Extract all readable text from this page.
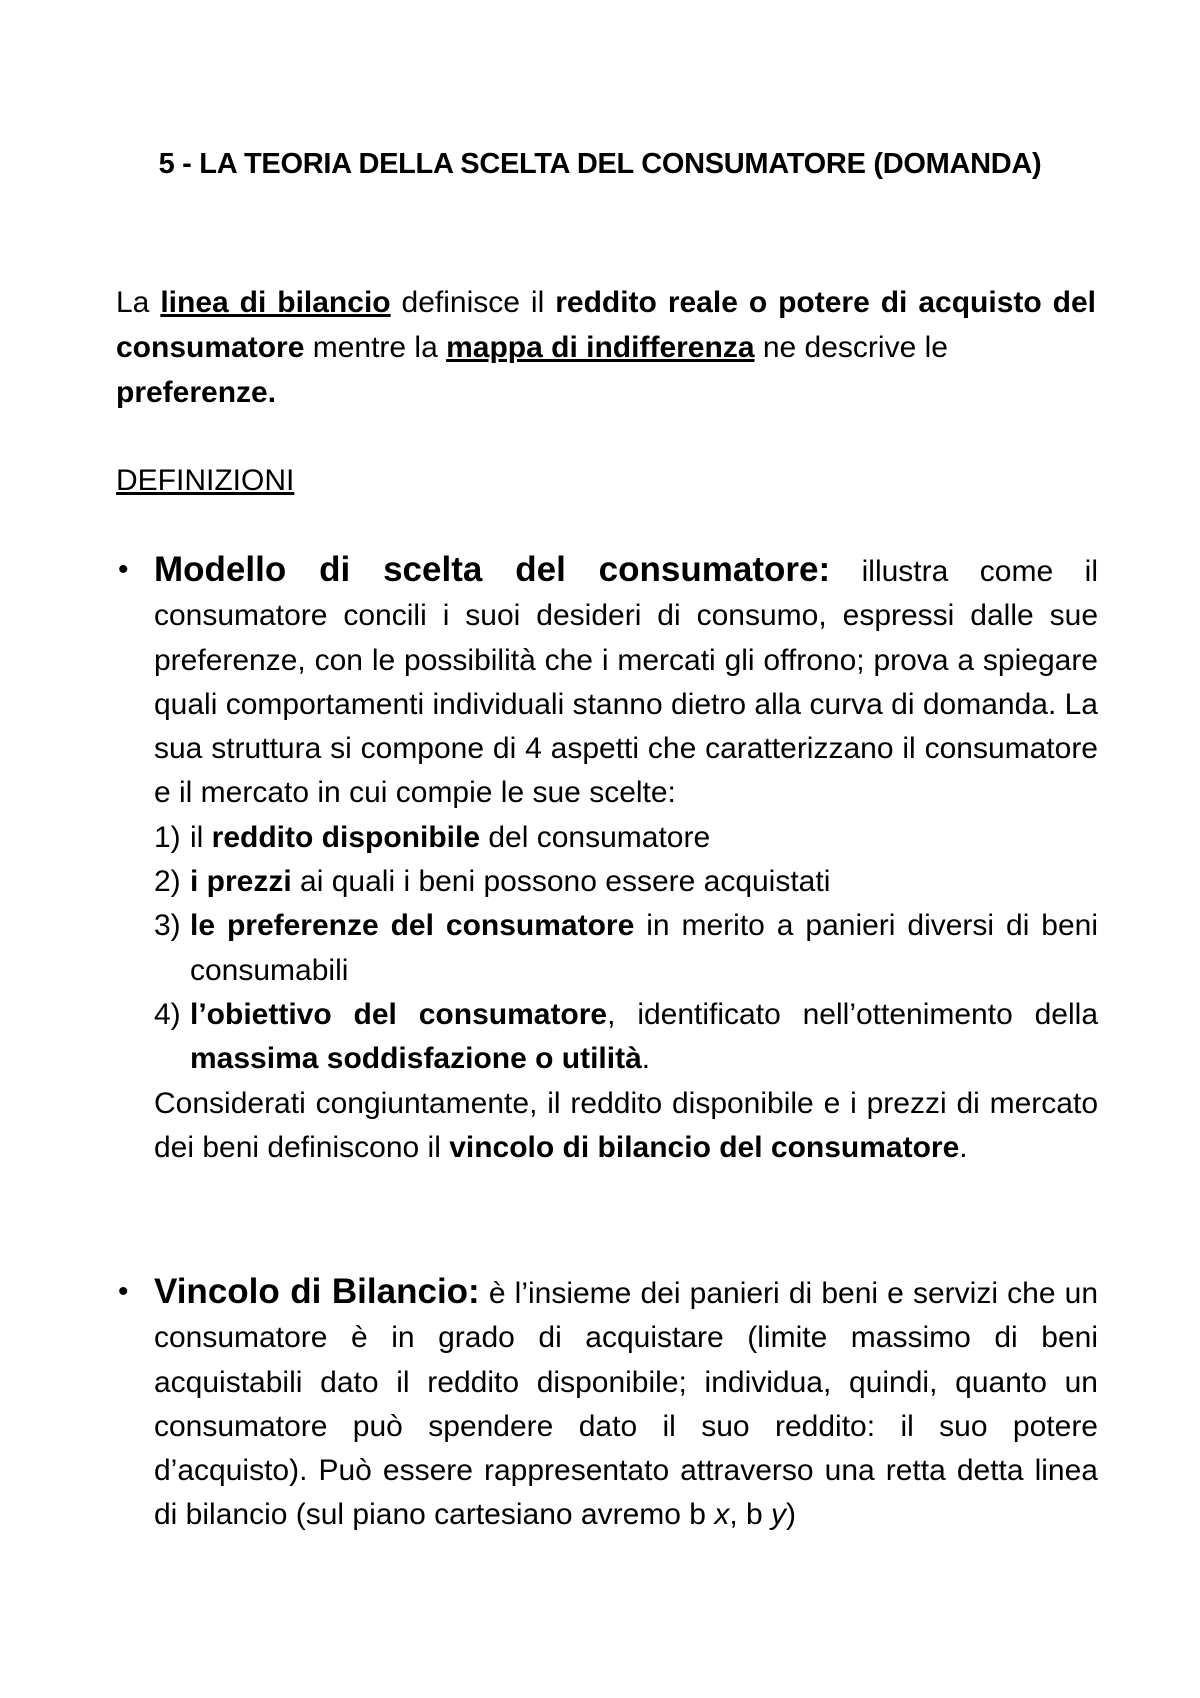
5 - LA TEORIA DELLA SCELTA DEL CONSUMATORE (DOMANDA)
La linea di bilancio definisce il reddito reale o potere di acquisto del consumatore mentre la mappa di indifferenza ne descrive le
preferenze.
DEFINIZIONI
• Modello di scelta del consumatore: illustra come il consumatore concili i suoi desideri di consumo, espressi dalle sue preferenze, con le possibilità che i mercati gli offrono; prova a spiegare quali comportamenti individuali stanno dietro alla curva di domanda. La sua struttura si compone di 4 aspetti che caratterizzano il consumatore e il mercato in cui compie le sue scelte:
1) il reddito disponibile del consumatore
2) i prezzi ai quali i beni possono essere acquistati
3) le preferenze del consumatore in merito a panieri diversi di beni consumabili
4) l’obiettivo del consumatore, identificato nell’ottenimento della massima soddisfazione o utilità.
Considerati congiuntamente, il reddito disponibile e i prezzi di mercato dei beni definiscono il vincolo di bilancio del consumatore.
• Vincolo di Bilancio: è l’insieme dei panieri di beni e servizi che un consumatore è in grado di acquistare (limite massimo di beni acquistabili dato il reddito disponibile; individua, quindi, quanto un consumatore può spendere dato il suo reddito: il suo potere d’acquisto). Può essere rappresentato attraverso una retta detta linea di bilancio (sul piano cartesiano avremo b x, b y)
